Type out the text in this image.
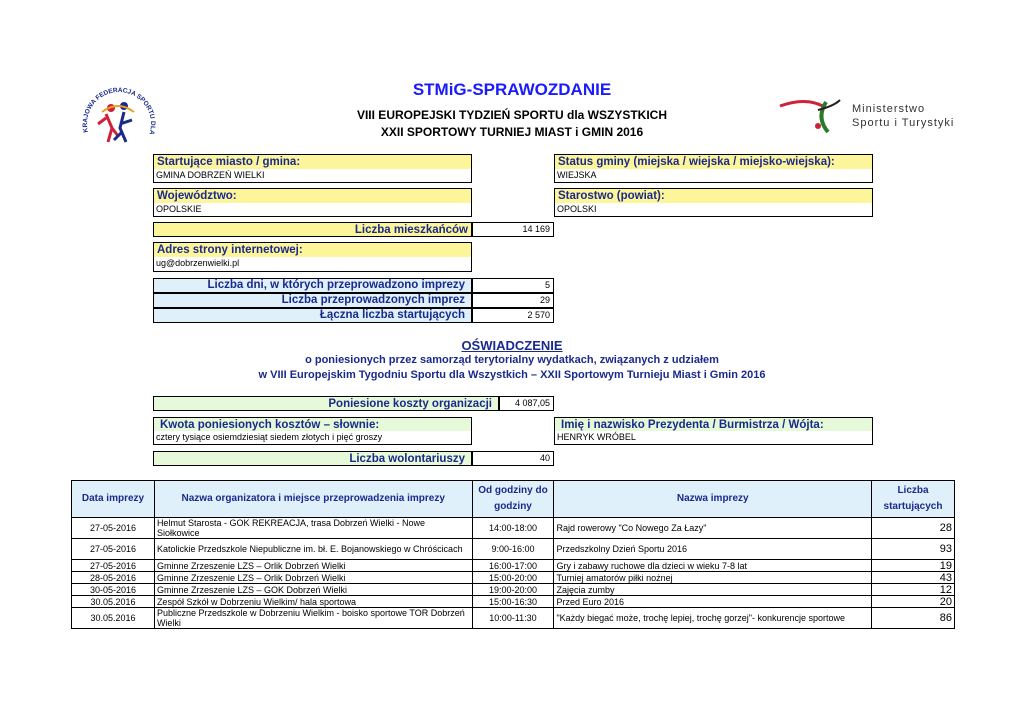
KRAJOWA FEDERACJA SPORTU DLA
Ministerstwo
Sportu i Turystyki
STMiG-SPRAWOZDANIE
VIII EUROPEJSKI TYDZIEŃ SPORTU dla WSZYSTKICH
XXII SPORTOWY TURNIEJ MIAST i GMIN 2016
Startujące miasto / gmina:
GMINA DOBRZEŃ WIELKI
Status gminy (miejska / wiejska / miejsko-wiejska):
WIEJSKA
Województwo:
OPOLSKIE
Starostwo (powiat):
OPOLSKI
Liczba mieszkańców	14 169
Adres strony internetowej:
ug@dobrzenwielki.pl
Liczba dni, w których przeprowadzono imprezy	5
Liczba przeprowadzonych imprez	29
Łączna liczba startujących	2 570
OŚWIADCZENIE
o poniesionych przez samorząd terytorialny wydatkach, związanych z udziałem
w VIII Europejskim Tygodniu Sportu dla Wszystkich – XXII Sportowym Turnieju Miast i Gmin 2016
Poniesione koszty organizacji	4 087,05
Kwota poniesionych kosztów – słownie:
cztery tysiące osiemdziesiąt siedem złotych i pięć groszy
Imię i nazwisko Prezydenta / Burmistrza / Wójta:
HENRYK WRÓBEL
Liczba wolontariuszy	40
Data imprezy	Nazwa organizatora i miejsce przeprowadzenia imprezy	Od godziny do godziny	Nazwa imprezy	Liczba startujących
27-05-2016	Helmut Starosta - GOK REKREACJA, trasa Dobrzeń Wielki - Nowe Siołkowice	14:00-18:00	Rajd rowerowy "Co Nowego Za Łazy"	28
27-05-2016	Katolickie Przedszkole Niepubliczne im. bł. E. Bojanowskiego w Chróścicach	9:00-16:00	Przedszkolny Dzień Sportu 2016	93
27-05-2016	Gminne Zrzeszenie LZS – Orlik Dobrzeń Wielki	16:00-17:00	Gry i zabawy ruchowe dla dzieci w wieku 7-8 lat	19
28-05-2016	Gminne Zrzeszenie LZS – Orlik Dobrzeń Wielki	15:00-20:00	Turniej amatorów piłki nożnej	43
30-05-2016	Gminne Zrzeszenie LZS – GOK Dobrzeń Wielki	19:00-20:00	Zajęcia zumby	12
30.05.2016	Zespół Szkół w Dobrzeniu Wielkim/ hala sportowa	15:00-16:30	Przed Euro 2016	20
30.05.2016	Publiczne Przedszkole w Dobrzeniu Wielkim - boisko sportowe TOR Dobrzeń Wielki	10:00-11:30	"Każdy biegać może, trochę lepiej, trochę gorzej"- konkurencje sportowe	86
